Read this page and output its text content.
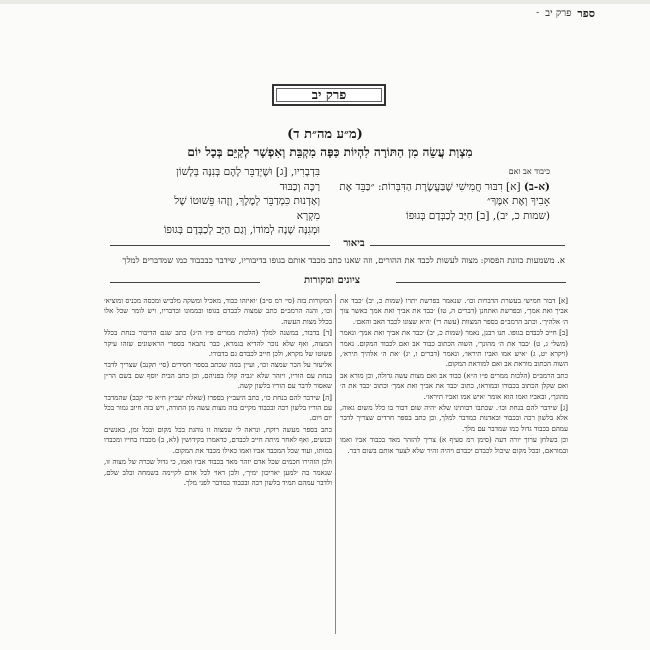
ספר
פרק יב
-
פרק יב
(מ״ע מה״ת ד)
מִצְוַת עֲשֵׂה מִן הַתּוֹרָה לִהְיוֹת כַּפָּה מִקְבֵּת וְאִפְשָׁר לְקַיֵּם בְּכָל יוֹם
כיבוד אב ואם
(א-ב) [א] דִבּוּר חֲמִישִׁי שֶׁבַּעֲשֶׂרֶת הַדִּבְּרוֹת: ״כַּבֵּד אֶת אָבִיךָ וְאֶת אִמֶּךָ״
(שמות כ, יב), [ב] חַיָּב לְכַבְּדָם בְּגוּפוֹ
בִּדְבָרִיו, [ג] וּשֶׁיְדַבֵּר לָהֶם בְּנִנָּה בְּלָשׁוֹן רַכָּה וְכַבּוּד
וְאַדְנוּת כִּמְדַבֵּר לְמֶלֶךְ, וְזֶהוּ פֵּשׁוּטוֹ שֶׁל מִקְרָא
וּמְגִנָּה שָׁנָה לְמוֹדוֹ, וְגַם הַיָּב לְכַבְּדָם בְּגוּפוֹ
ביאור
א. משמעות כוונת הפסוק: מצוה לעשות לכבד את ההורים, וזה שאנו כתב מכבד אותם בגופו בדיבוריו, שידבר כבכבוד כמו שמדברים למלך
ציונים ומקורות

[א] דבור חמישי בעשרת הדברות וכו׳. שנאמר בפרשת יתרו (שמות כ, יב) ׳כבד את אביך ואת אמך׳, ובפרשת ואתחנן (דברים ה, טז) ׳כבד את אביך ואת אמך כאשר צוך ה׳ אלהיך׳. וכתב הרמב״ם בספר המצוות (עשה רי) ׳היא שצונו לכבד האב והאם׳.

[ב] חייב לכבדם בגופו. תנו רבנן, נאמר (שמות כ, יב) ׳כבד את אביך ואת אמך׳ ונאמר (משלי ג, ט) ׳כבד את ה׳ מהונך׳, השוה הכתוב כבוד אב ואם לכבוד המקום. נאמר (ויקרא יט, ג) ׳איש אמו ואביו תיראו׳, ונאמר (דברים ו, יג) ׳את ה׳ אלהיך תירא׳, השוה הכתוב מוראת אב ואם למוראת המקום.

כתב הרמב״ם (הלכות ממרים פ״ו ה״א) כבוד אב ואם מצות עשה גדולה, וכן מורא אב ואם שקלן הכתוב בכבודו ובמוראו, כתוב ׳כבד את אביך ואת אמך׳ וכתוב ׳כבד את ה׳ מהונך׳, ובאביו ואמו הוא אומר ׳איש אמו ואביו תיראו׳.

[ג] שידבר להם בנחת וכו׳. שכתבו רבותינו שלא יהיה שום דבור בו כלל משום גאוה, אלא בלשון רכה ובכבוד ובאדנות כמדבר למלך, וכן כתב בספר חרדים שצריך לדבר עמהם בכבוד גדול כמו שמדבר עם מלך.

וכן בשלחן ערוך יורה דעה (סימן רמ סעיף א) צריך להזהר מאד בכבוד אביו ואמו ובמוראם, ובכל מקום שיכול לכבדם יכבדם ויהיה זהיר שלא לצער אותם בשום דבר.

המקורות בזה (סי׳ רמ ס״ב) ׳ואיזהו כבוד, מאכיל ומשקה מלביש ומכסה מכניס ומוציא׳ וכו׳, והנה הרמב״ם כתב שמצוה לכבדם בגופו ובממונו ובדבריו, ויש לומר שכל אלו בכלל מצות העשה.

[ד] בדבור, במשנה למלך (הלכות ממרים פ״ו ה״ג) כתב שגם הדיבור בנחת בכלל המצוה, ואף שלא נזכר להדיא בגמרא, כבר נתבאר בספרי הראשונים שזהו עיקר פשוטו של מקרא, ולכן חייב לכבדם גם בדבורו.

אליעזר על הכר שמצה וכו׳, ועיין במה שכתב בספר חסידים (סי׳ תקנב) שצריך לדבר בנחת עם הוריו, ויזהר שלא יגביה קולו בפניהם, וכן כתב הבית יוסף שם בשם הר״ן שאסור לדבר עם הוריו בלשון קשה.

[ה] שידבר להם בנחת כו׳, כתב היעב״ץ בספרו (שאלת יעב״ץ ח״א סי׳ קכב) שהמדבר עם הוריו בלשון רכה ובכבוד מקיים בזה מצות עשה מן התורה, ויש בזה חיוב גמור בכל יום ויום.

כתב בספר מעשה רוקח, ונראה לי שמצוה זו נוהגת בכל מקום ובכל זמן, באנשים ובנשים, ואף לאחר מיתה חייב לכבדם, כדאמרו בקידושין (לא, ב) מכבדו בחייו ומכבדו במותו, ועוד שכל המכבד אביו ואמו כאילו מכבד את המקום.

ולכן הזהירו חכמים שכל אדם יזהר מאד בכבוד אביו ואמו, כי גדול שכרה של מצוה זו, שנאמר בה ׳למען יאריכון ימיך׳, ולכן ראוי לכל אדם לקיימה בשמחה ובלב שלם, ולדבר עמהם תמיד בלשון רכה ובכבוד כמדבר לפני מלך.
